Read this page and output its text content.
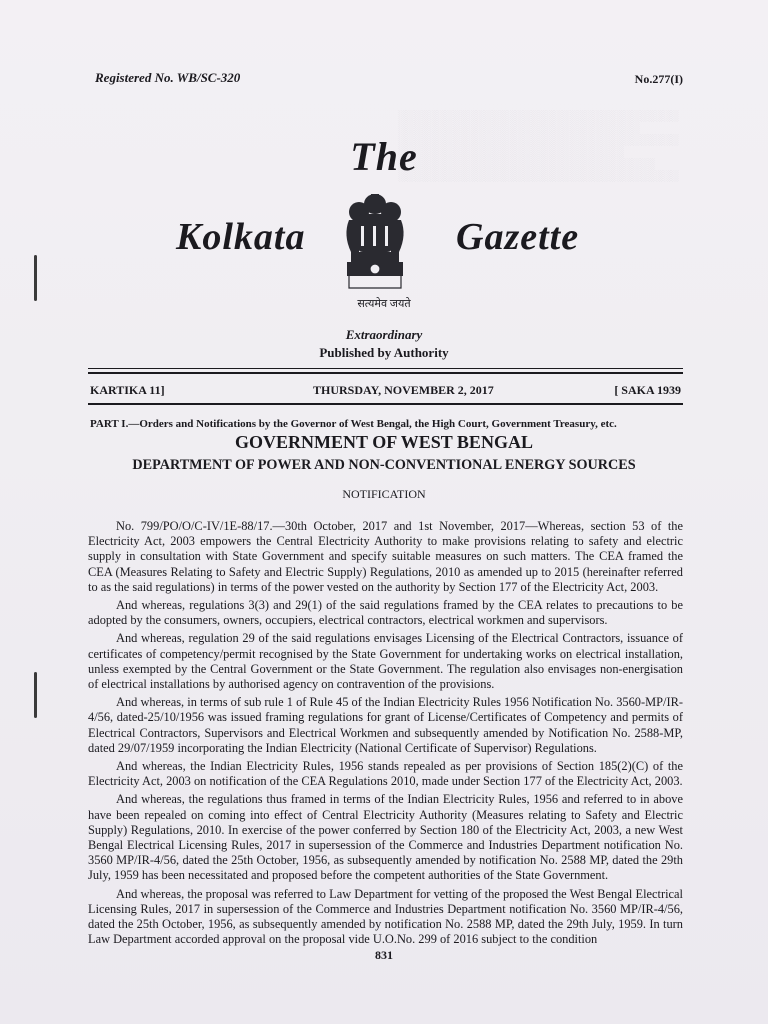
░░░░░░░░░░░░░░░░░░░░░░░░░░░░░░░░░░░░
░░░░░░░░░░░░░░░░░░░░░░░░░░░░░░░
░░░░░░░░░░░░░░░░░░░░░░░░░░░░░░░░░░░░
░░░░░░░░░░░░░░░░░░░░░░░░░░░░░
░░░░░░░░░░░░░░░░░░░░░░░░░░░░░░░░░
░░░░░░░░░░░░░░░░░░░░░░░░░░░░░░░░░░░░
Registered No. WB/SC-320	No.277(I)
The
Kolkata	Gazette
सत्यमेव जयते
Extraordinary
Published by Authority
KARTIKA 11]	THURSDAY, NOVEMBER 2, 2017	[ SAKA 1939
PART I.—Orders and Notifications by the Governor of West Bengal, the High Court, Government Treasury, etc.
GOVERNMENT OF WEST BENGAL
DEPARTMENT OF POWER AND NON-CONVENTIONAL ENERGY SOURCES
NOTIFICATION

No. 799/PO/O/C-IV/1E-88/17.—30th October, 2017 and 1st November, 2017—Whereas, section 53 of the Electricity Act, 2003 empowers the Central Electricity Authority to make provisions relating to safety and electric supply in consultation with State Government and specify suitable measures on such matters. The CEA framed the CEA (Measures Relating to Safety and Electric Supply) Regulations, 2010 as amended up to 2015 (hereinafter referred to as the said regulations) in terms of the power vested on the authority by Section 177 of the Electricity Act, 2003.

And whereas, regulations 3(3) and 29(1) of the said regulations framed by the CEA relates to precautions to be adopted by the consumers, owners, occupiers, electrical contractors, electrical workmen and supervisors.

And whereas, regulation 29 of the said regulations envisages Licensing of the Electrical Contractors, issuance of certificates of competency/permit recognised by the State Government for undertaking works on electrical installation, unless exempted by the Central Government or the State Government. The regulation also envisages non-energisation of electrical installations by authorised agency on contravention of the provisions.

And whereas, in terms of sub rule 1 of Rule 45 of the Indian Electricity Rules 1956 Notification No. 3560-MP/IR-4/56, dated-25/10/1956 was issued framing regulations for grant of License/Certificates of Competency and permits of Electrical Contractors, Supervisors and Electrical Workmen and subsequently amended by Notification No. 2588-MP, dated 29/07/1959 incorporating the Indian Electricity (National Certificate of Supervisor) Regulations.

And whereas, the Indian Electricity Rules, 1956 stands repealed as per provisions of Section 185(2)(C) of the Electricity Act, 2003 on notification of the CEA Regulations 2010, made under Section 177 of the Electricity Act, 2003.

And whereas, the regulations thus framed in terms of the Indian Electricity Rules, 1956 and referred to in above have been repealed on coming into effect of Central Electricity Authority (Measures relating to Safety and Electric Supply) Regulations, 2010. In exercise of the power conferred by Section 180 of the Electricity Act, 2003, a new West Bengal Electrical Licensing Rules, 2017 in supersession of the Commerce and Industries Department notification No. 3560 MP/IR-4/56, dated the 25th October, 1956, as subsequently amended by notification No. 2588 MP, dated the 29th July, 1959 has been necessitated and proposed before the competent authorities of the State Government.

And whereas, the proposal was referred to Law Department for vetting of the proposed the West Bengal Electrical Licensing Rules, 2017 in supersession of the Commerce and Industries Department notification No. 3560 MP/IR-4/56, dated the 25th October, 1956, as subsequently amended by notification No. 2588 MP, dated the 29th July, 1959. In turn Law Department accorded approval on the proposal vide U.O.No. 299 of 2016 subject to the condition

831
